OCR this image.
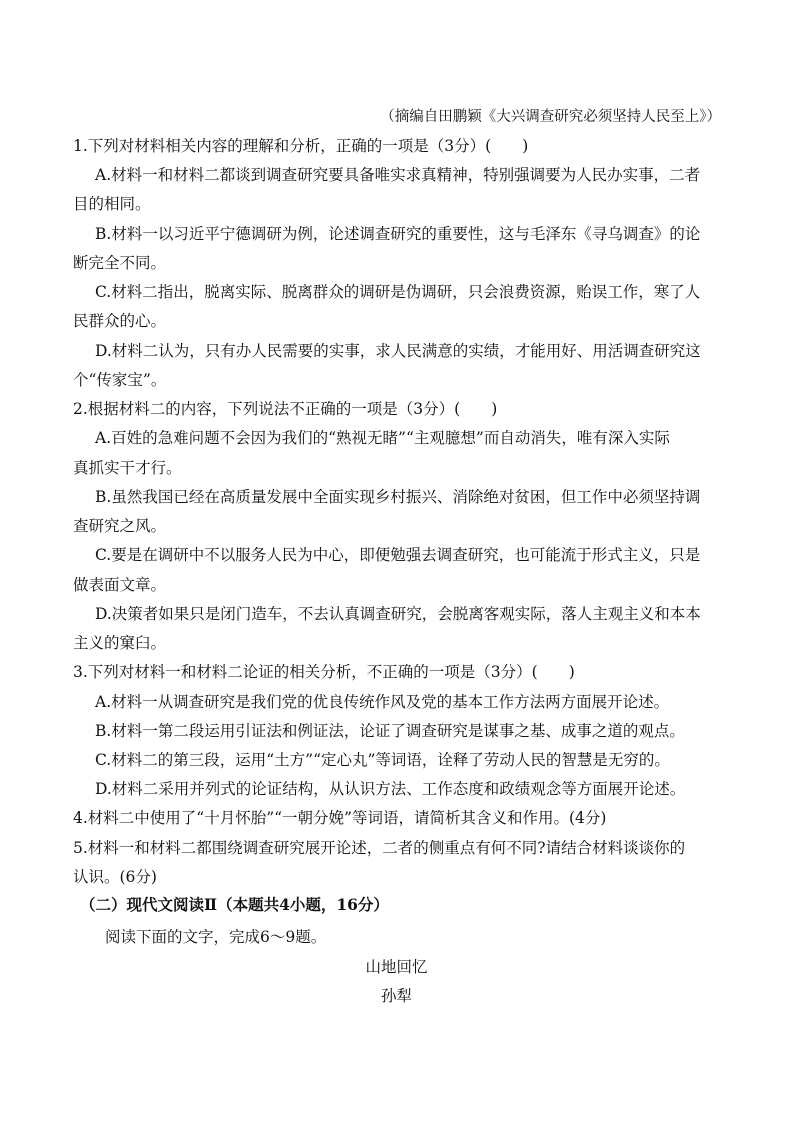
（摘编自田鹏颖《大兴调查研究必须坚持人民至上》）
1.下列对材料相关内容的理解和分析，正确的一项是（3分）(　　)
A.材料一和材料二都谈到调查研究要具备唯实求真精神，特别强调要为人民办实事，二者
目的相同。
B.材料一以习近平宁德调研为例，论述调查研究的重要性，这与毛泽东《寻乌调查》的论
断完全不同。
C.材料二指出，脱离实际、脱离群众的调研是伪调研，只会浪费资源，贻误工作，寒了人
民群众的心。
D.材料二认为，只有办人民需要的实事，求人民满意的实绩，才能用好、用活调查研究这
个“传家宝”。
2.根据材料二的内容，下列说法不正确的一项是（3分）(　　)
A.百姓的急难问题不会因为我们的“熟视无睹”“主观臆想”而自动消失，唯有深入实际
真抓实干才行。
B.虽然我国已经在高质量发展中全面实现乡村振兴、消除绝对贫困，但工作中必须坚持调
查研究之风。
C.要是在调研中不以服务人民为中心，即便勉强去调查研究，也可能流于形式主义，只是
做表面文章。
D.决策者如果只是闭门造车，不去认真调查研究，会脱离客观实际，落人主观主义和本本
主义的窠臼。
3.下列对材料一和材料二论证的相关分析，不正确的一项是（3分）(　　)
A.材料一从调查研究是我们党的优良传统作风及党的基本工作方法两方面展开论述。
B.材料一第二段运用引证法和例证法，论证了调查研究是谋事之基、成事之道的观点。
C.材料二的第三段，运用“土方”“定心丸”等词语，诠释了劳动人民的智慧是无穷的。
D.材料二采用并列式的论证结构，从认识方法、工作态度和政绩观念等方面展开论述。
4.材料二中使用了“十月怀胎”“一朝分娩”等词语，请简析其含义和作用。(4分)
5.材料一和材料二都围绕调查研究展开论述，二者的侧重点有何不同?请结合材料谈谈你的
认识。(6分)
（二）现代文阅读Ⅱ（本题共4小题，16分）
阅读下面的文字，完成6～9题。
山地回忆
孙犁
